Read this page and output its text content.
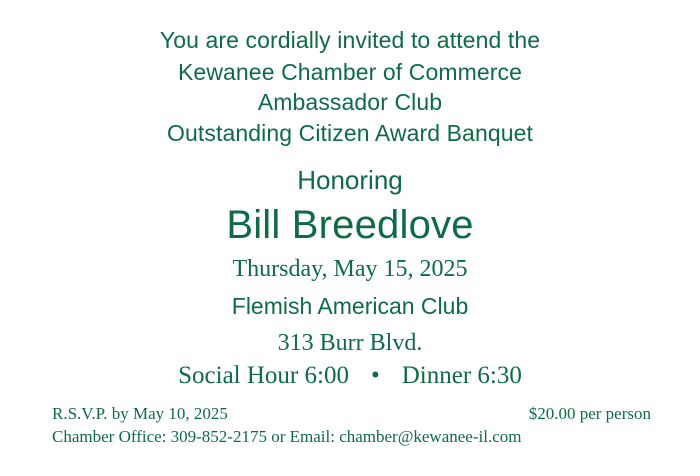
You are cordially invited to attend the
Kewanee Chamber of Commerce
Ambassador Club
Outstanding Citizen Award Banquet
Honoring
Bill Breedlove
Thursday, May 15, 2025
Flemish American Club
313 Burr Blvd.
Social Hour 6:00 • Dinner 6:30
R.S.V.P. by May 10, 2025	$20.00 per person
Chamber Office: 309-852-2175 or Email: chamber@kewanee-il.com
